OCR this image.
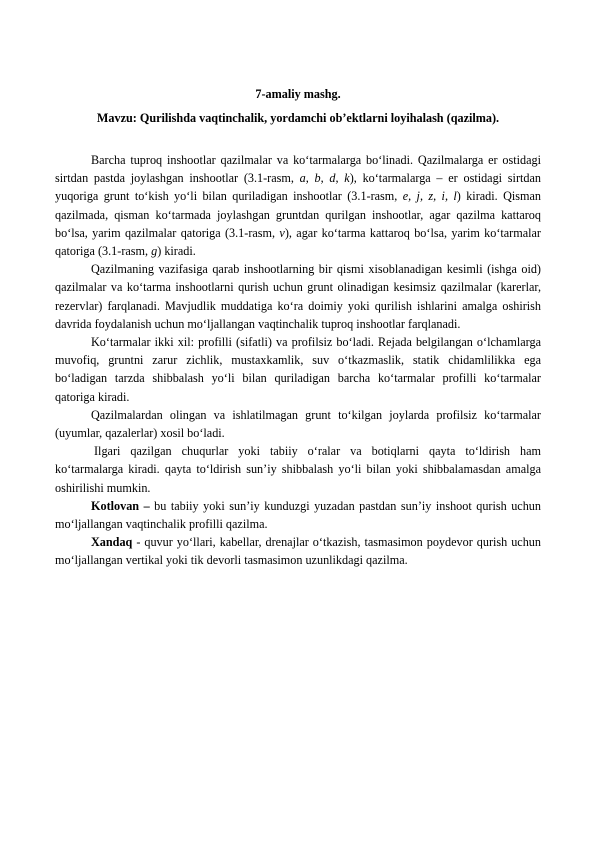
7-amaliy mashg.
Mavzu: Qurilishda vaqtinchalik, yordamchi ob’ektlarni loyihalash (qazilma).

Barcha tuproq inshootlar qazilmalar va ko‘tarmalarga bo‘linadi. Qazilmalarga er ostidagi sirtdan pastda joylashgan inshootlar (3.1-rasm, a, b, d, k), ko‘tarmalarga – er ostidagi sirtdan yuqoriga grunt to‘kish yo‘li bilan quriladigan inshootlar (3.1-rasm, e, j, z, i, l) kiradi. Qisman qazilmada, qisman ko‘tarmada joylashgan gruntdan qurilgan inshootlar, agar qazilma kattaroq bo‘lsa, yarim qazilmalar qatoriga (3.1-rasm, v), agar ko‘tarma kattaroq bo‘lsa, yarim ko‘tarmalar qatoriga (3.1-rasm, g) kiradi.

Qazilmaning vazifasiga qarab inshootlarning bir qismi xisoblanadigan kesimli (ishga oid) qazilmalar va ko‘tarma inshootlarni qurish uchun grunt olinadigan kesimsiz qazilmalar (karerlar, rezervlar) farqlanadi. Mavjudlik muddatiga ko‘ra doimiy yoki qurilish ishlarini amalga oshirish davrida foydalanish uchun mo‘ljallangan vaqtinchalik tuproq inshootlar farqlanadi.

Ko‘tarmalar ikki xil: profilli (sifatli) va profilsiz bo‘ladi. Rejada belgilangan o‘lchamlarga muvofiq, gruntni zarur zichlik, mustaxkamlik, suv o‘tkazmaslik, statik chidamlilikka ega bo‘ladigan tarzda shibbalash yo‘li bilan quriladigan barcha ko‘tarmalar profilli ko‘tarmalar qatoriga kiradi.

Qazilmalardan olingan va ishlatilmagan grunt to‘kilgan joylarda profilsiz ko‘tarmalar (uyumlar, qazalerlar) xosil bo‘ladi.

Ilgari qazilgan chuqurlar yoki tabiiy o‘ralar va botiqlarni qayta to‘ldirish ham ko‘tarmalarga kiradi. qayta to‘ldirish sun’iy shibbalash yo‘li bilan yoki shibbalamasdan amalga oshirilishi mumkin.

Kotlovan – bu tabiiy yoki sun’iy kunduzgi yuzadan pastdan sun’iy inshoot qurish uchun mo‘ljallangan vaqtinchalik profilli qazilma.

Xandaq - quvur yo‘llari, kabellar, drenajlar o‘tkazish, tasmasimon poydevor qurish uchun mo‘ljallangan vertikal yoki tik devorli tasmasimon uzunlikdagi qazilma.
